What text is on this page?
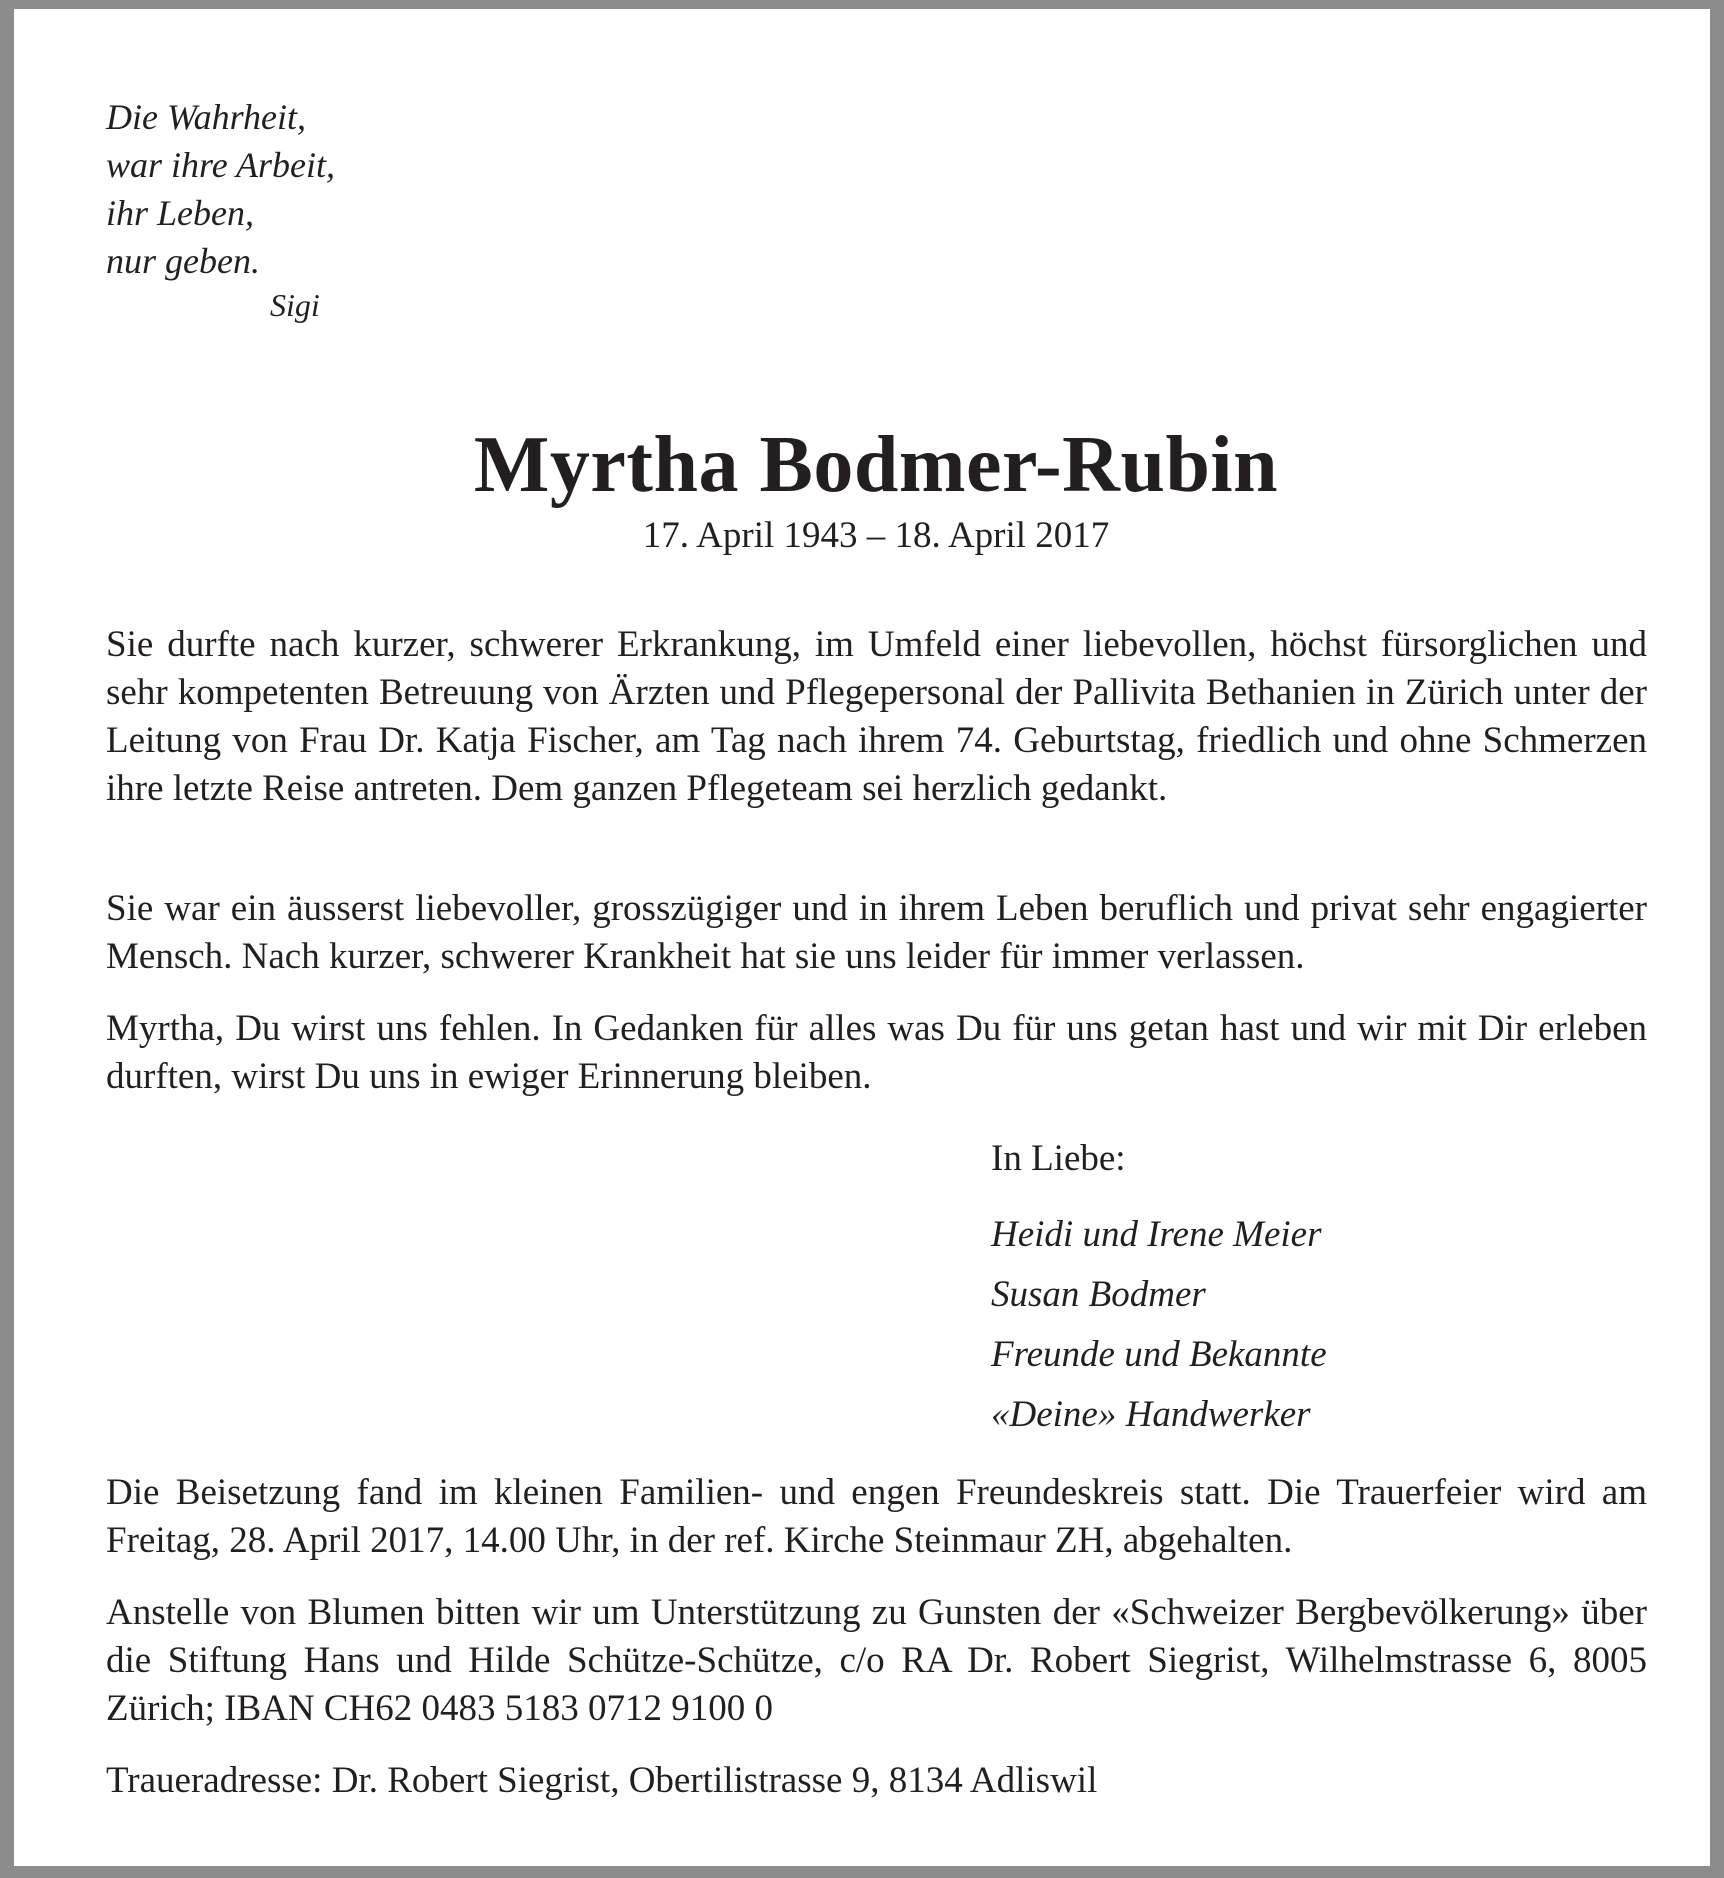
Die Wahrheit,
war ihre Arbeit,
ihr Leben,
nur geben.
Sigi
Myrtha Bodmer-Rubin
17. April 1943 – 18. April 2017

Sie durfte nach kurzer, schwerer Erkrankung, im Umfeld einer liebevollen, höchst fürsorglichen und sehr kompetenten Betreuung von Ärzten und Pflegepersonal der Pallivita Bethanien in Zürich unter der Leitung von Frau Dr. Katja Fischer, am Tag nach ihrem 74. Geburtstag, friedlich und ohne Schmerzen ihre letzte Reise antreten. Dem ganzen Pflegeteam sei herzlich gedankt.

Sie war ein äusserst liebevoller, grosszügiger und in ihrem Leben beruflich und privat sehr engagierter Mensch. Nach kurzer, schwerer Krankheit hat sie uns leider für immer verlassen.

Myrtha, Du wirst uns fehlen. In Gedanken für alles was Du für uns getan hast und wir mit Dir erleben durften, wirst Du uns in ewiger Erinnerung bleiben.

In Liebe:
Heidi und Irene Meier
Susan Bodmer
Freunde und Bekannte
«Deine» Handwerker

Die Beisetzung fand im kleinen Familien- und engen Freundeskreis statt. Die Trauerfeier wird am Freitag, 28. April 2017, 14.00 Uhr, in der ref. Kirche Steinmaur ZH, abgehalten.

Anstelle von Blumen bitten wir um Unterstützung zu Gunsten der «Schweizer Bergbevölkerung» über die Stiftung Hans und Hilde Schütze-Schütze, c/o RA Dr. Robert Siegrist, Wilhelmstrasse 6, 8005 Zürich; IBAN CH62 0483 5183 0712 9100 0

Traueradresse: Dr. Robert Siegrist, Obertilistrasse 9, 8134 Adliswil
